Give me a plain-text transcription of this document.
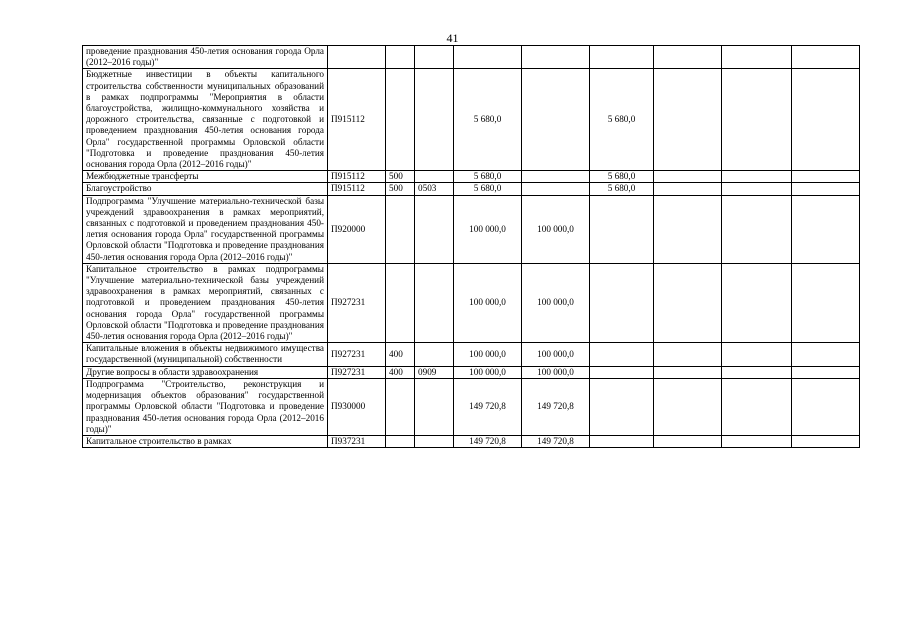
41
проведение празднования 450-летия основания города Орла (2012–2016 годы)"									
Бюджетные инвестиции в объекты капитального строительства собственности муниципальных образований в рамках подпрограммы "Мероприятия в области благоустройства, жилищно-коммунального хозяйства и дорожного строительства, связанные с подготовкой и проведением празднования 450-летия основания города Орла" государственной программы Орловской области "Подготовка и проведение празднования 450-летия основания города Орла (2012–2016 годы)"	П915112			5 680,0		5 680,0			
Межбюджетные трансферты	П915112	500		5 680,0		5 680,0			
Благоустройство	П915112	500	0503	5 680,0		5 680,0			
Подпрограмма "Улучшение материально-технической базы учреждений здравоохранения в рамках мероприятий, связанных с подготовкой и проведением празднования 450-летия основания города Орла" государственной программы Орловской области "Подготовка и проведение празднования 450-летия основания города Орла (2012–2016 годы)"	П920000			100 000,0	100 000,0				
Капитальное строительство в рамках подпрограммы "Улучшение материально-технической базы учреждений здравоохранения в рамках мероприятий, связанных с подготовкой и проведением празднования 450-летия основания города Орла" государственной программы Орловской области "Подготовка и проведение празднования 450-летия основания города Орла (2012–2016 годы)"	П927231			100 000,0	100 000,0				
Капитальные вложения в объекты недвижимого имущества государственной (муниципальной) собственности	П927231	400		100 000,0	100 000,0				
Другие вопросы в области здравоохранения	П927231	400	0909	100 000,0	100 000,0				
Подпрограмма "Строительство, реконструкция и модернизация объектов образования" государственной программы Орловской области "Подготовка и проведение празднования 450-летия основания города Орла (2012–2016 годы)"	П930000			149 720,8	149 720,8				
Капитальное строительство в рамках	П937231			149 720,8	149 720,8				
